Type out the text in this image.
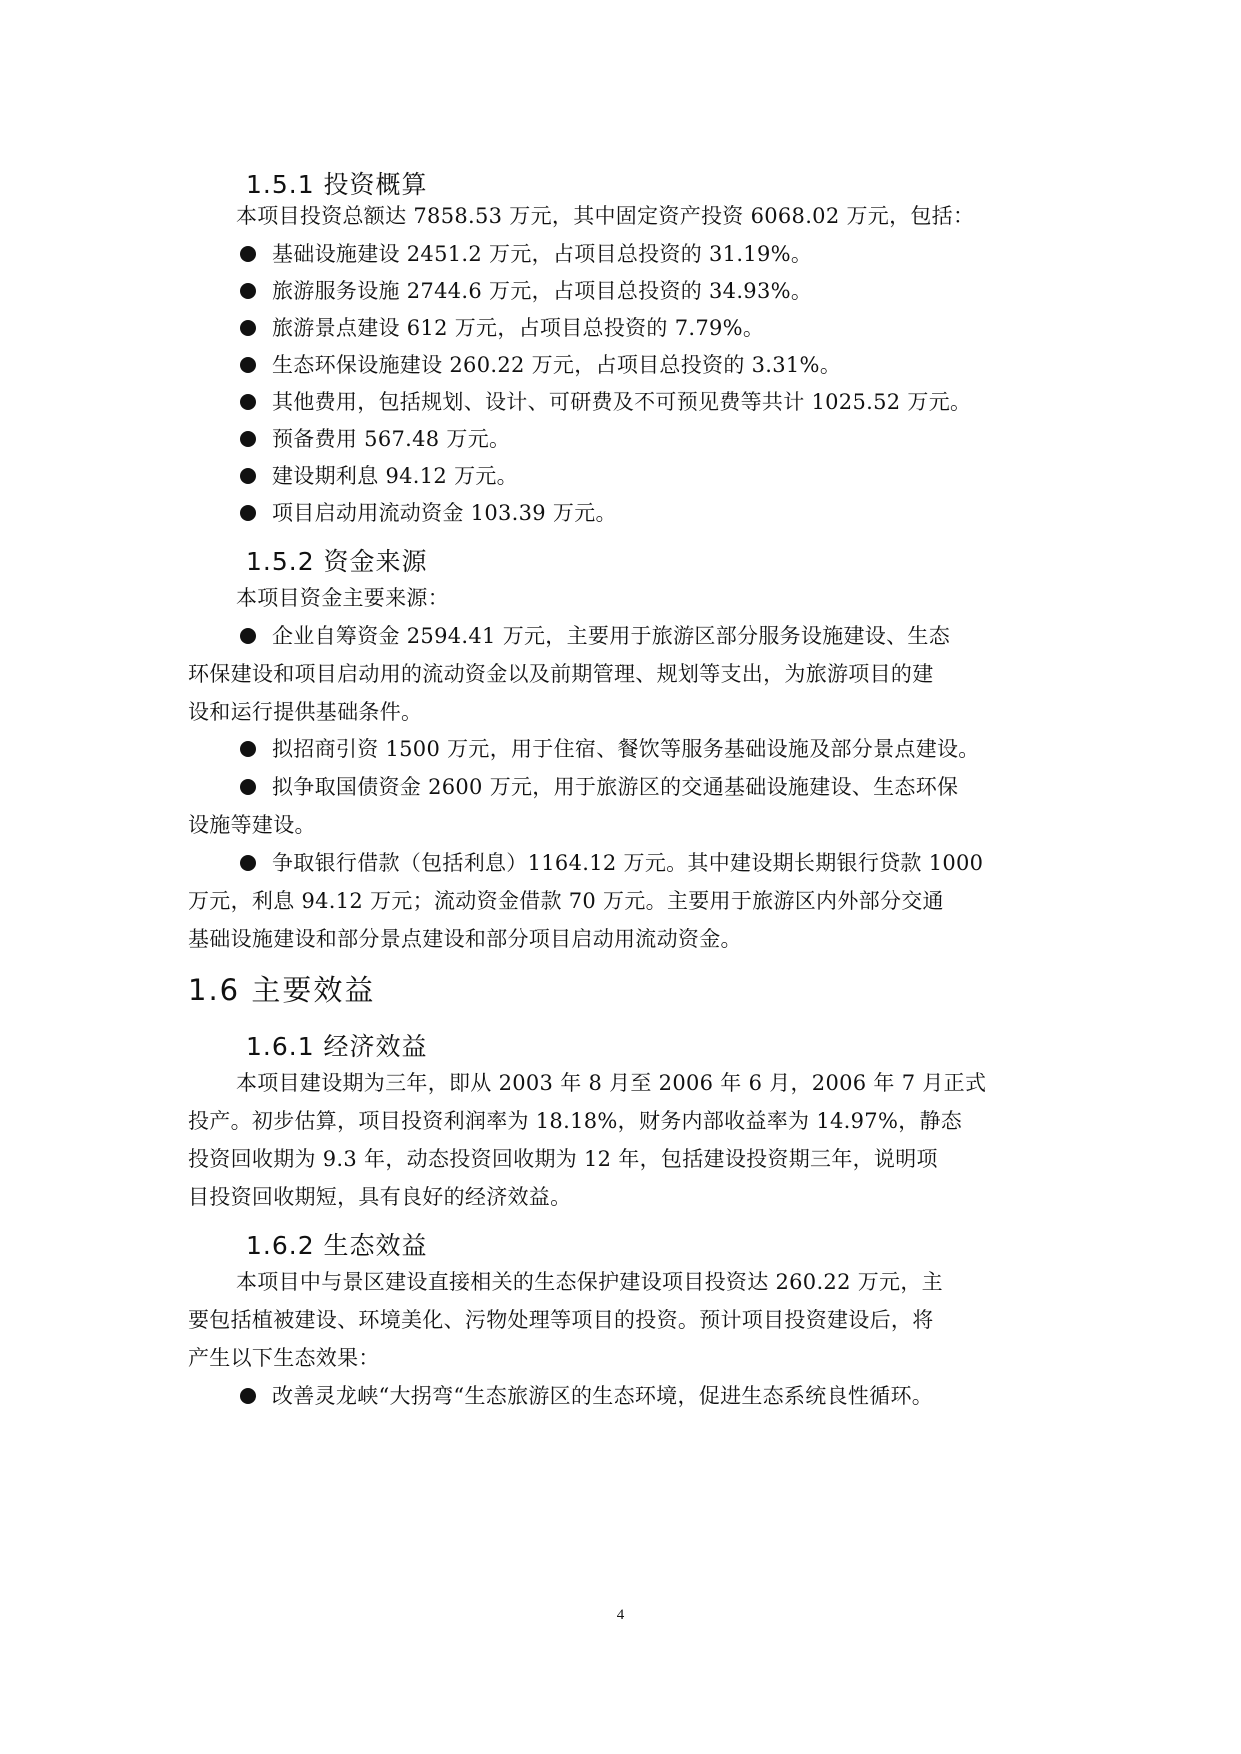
1.5.1 投资概算

本项目投资总额达 7858.53 万元，其中固定资产投资 6068.02 万元，包括：

基础设施建设 2451.2 万元，占项目总投资的 31.19%。

旅游服务设施 2744.6 万元，占项目总投资的 34.93%。

旅游景点建设 612 万元，占项目总投资的 7.79%。

生态环保设施建设 260.22 万元，占项目总投资的 3.31%。

其他费用，包括规划、设计、可研费及不可预见费等共计 1025.52 万元。

预备费用 567.48 万元。

建设期利息 94.12 万元。

项目启动用流动资金 103.39 万元。

1.5.2 资金来源

本项目资金主要来源：

企业自筹资金 2594.41 万元，主要用于旅游区部分服务设施建设、生态

环保建设和项目启动用的流动资金以及前期管理、规划等支出，为旅游项目的建

设和运行提供基础条件。

拟招商引资 1500 万元，用于住宿、餐饮等服务基础设施及部分景点建设。

拟争取国债资金 2600 万元，用于旅游区的交通基础设施建设、生态环保

设施等建设。

争取银行借款（包括利息）1164.12 万元。其中建设期长期银行贷款 1000

万元，利息 94.12 万元；流动资金借款 70 万元。主要用于旅游区内外部分交通

基础设施建设和部分景点建设和部分项目启动用流动资金。

1.6 主要效益
1.6.1 经济效益

本项目建设期为三年，即从 2003 年 8 月至 2006 年 6 月，2006 年 7 月正式

投产。初步估算，项目投资利润率为 18.18%，财务内部收益率为 14.97%，静态

投资回收期为 9.3 年，动态投资回收期为 12 年，包括建设投资期三年，说明项

目投资回收期短，具有良好的经济效益。

1.6.2 生态效益

本项目中与景区建设直接相关的生态保护建设项目投资达 260.22 万元，主

要包括植被建设、环境美化、污物处理等项目的投资。预计项目投资建设后，将

产生以下生态效果：

改善灵龙峡“大拐弯“生态旅游区的生态环境，促进生态系统良性循环。

4
